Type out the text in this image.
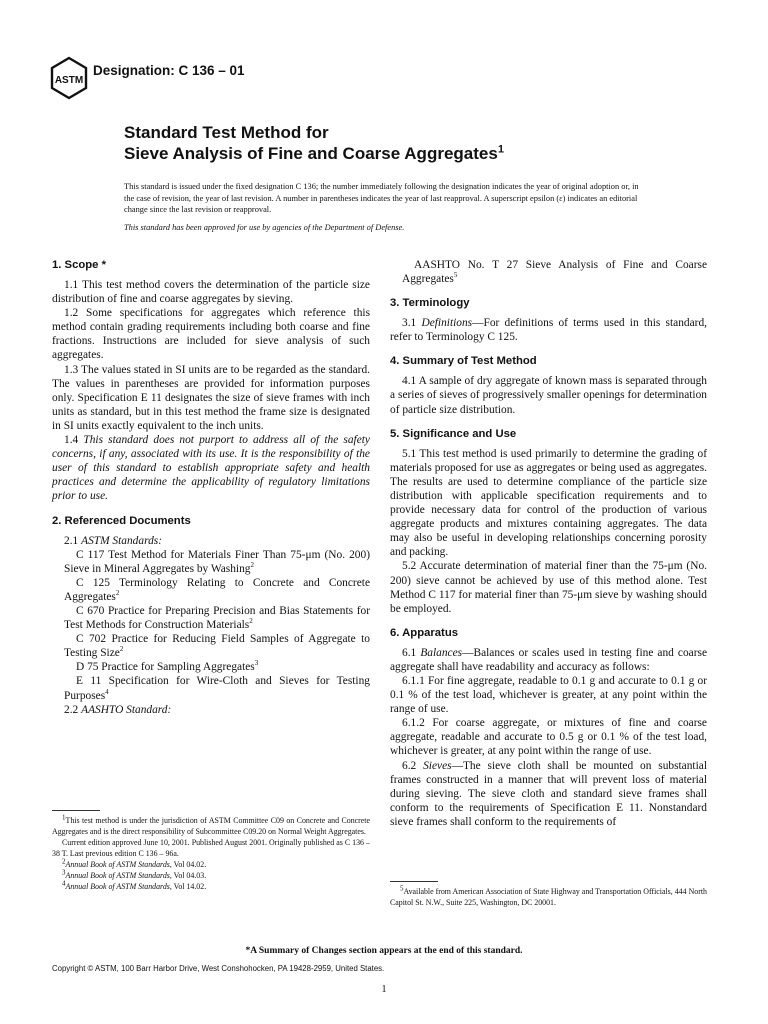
ASTM
Designation: C 136 – 01
Standard Test Method for
Sieve Analysis of Fine and Coarse Aggregates$^1$
This standard is issued under the fixed designation C 136; the number immediately following the designation indicates the year of original adoption or, in the case of revision, the year of last revision. A number in parentheses indicates the year of last reapproval. A superscript epsilon (ε) indicates an editorial change since the last revision or reapproval.
This standard has been approved for use by agencies of the Department of Defense.
1. Scope *

1.1 This test method covers the determination of the particle size distribution of fine and coarse aggregates by sieving.

1.2 Some specifications for aggregates which reference this method contain grading requirements including both coarse and fine fractions. Instructions are included for sieve analysis of such aggregates.

1.3 The values stated in SI units are to be regarded as the standard. The values in parentheses are provided for information purposes only. Specification E 11 designates the size of sieve frames with inch units as standard, but in this test method the frame size is designated in SI units exactly equivalent to the inch units.

1.4 This standard does not purport to address all of the safety concerns, if any, associated with its use. It is the responsibility of the user of this standard to establish appropriate safety and health practices and determine the applicability of regulatory limitations prior to use.

2. Referenced Documents

2.1 ASTM Standards:

C 117 Test Method for Materials Finer Than 75-μm (No. 200) Sieve in Mineral Aggregates by Washing$^2$

C 125 Terminology Relating to Concrete and Concrete Aggregates$^2$

C 670 Practice for Preparing Precision and Bias Statements for Test Methods for Construction Materials$^2$

C 702 Practice for Reducing Field Samples of Aggregate to Testing Size$^2$

D 75 Practice for Sampling Aggregates$^3$

E 11 Specification for Wire-Cloth and Sieves for Testing Purposes$^4$

2.2 AASHTO Standard:

$^1$This test method is under the jurisdiction of ASTM Committee C09 on Concrete and Concrete Aggregates and is the direct responsibility of Subcommittee C09.20 on Normal Weight Aggregates.

Current edition approved June 10, 2001. Published August 2001. Originally published as C 136 – 38 T. Last previous edition C 136 – 96a.

$^2$Annual Book of ASTM Standards, Vol 04.02.

$^3$Annual Book of ASTM Standards, Vol 04.03.

$^4$Annual Book of ASTM Standards, Vol 14.02.

AASHTO No. T 27 Sieve Analysis of Fine and Coarse Aggregates$^5$

3. Terminology

3.1 Definitions—For definitions of terms used in this standard, refer to Terminology C 125.

4. Summary of Test Method

4.1 A sample of dry aggregate of known mass is separated through a series of sieves of progressively smaller openings for determination of particle size distribution.

5. Significance and Use

5.1 This test method is used primarily to determine the grading of materials proposed for use as aggregates or being used as aggregates. The results are used to determine compliance of the particle size distribution with applicable specification requirements and to provide necessary data for control of the production of various aggregate products and mixtures containing aggregates. The data may also be useful in developing relationships concerning porosity and packing.

5.2 Accurate determination of material finer than the 75-μm (No. 200) sieve cannot be achieved by use of this method alone. Test Method C 117 for material finer than 75-μm sieve by washing should be employed.

6. Apparatus

6.1 Balances—Balances or scales used in testing fine and coarse aggregate shall have readability and accuracy as follows:

6.1.1 For fine aggregate, readable to 0.1 g and accurate to 0.1 g or 0.1 % of the test load, whichever is greater, at any point within the range of use.

6.1.2 For coarse aggregate, or mixtures of fine and coarse aggregate, readable and accurate to 0.5 g or 0.1 % of the test load, whichever is greater, at any point within the range of use.

6.2 Sieves—The sieve cloth shall be mounted on substantial frames constructed in a manner that will prevent loss of material during sieving. The sieve cloth and standard sieve frames shall conform to the requirements of Specification E 11. Nonstandard sieve frames shall conform to the requirements of

$^5$Available from American Association of State Highway and Transportation Officials, 444 North Capitol St. N.W., Suite 225, Washington, DC 20001.

*A Summary of Changes section appears at the end of this standard.
Copyright © ASTM, 100 Barr Harbor Drive, West Conshohocken, PA 19428-2959, United States.
1
